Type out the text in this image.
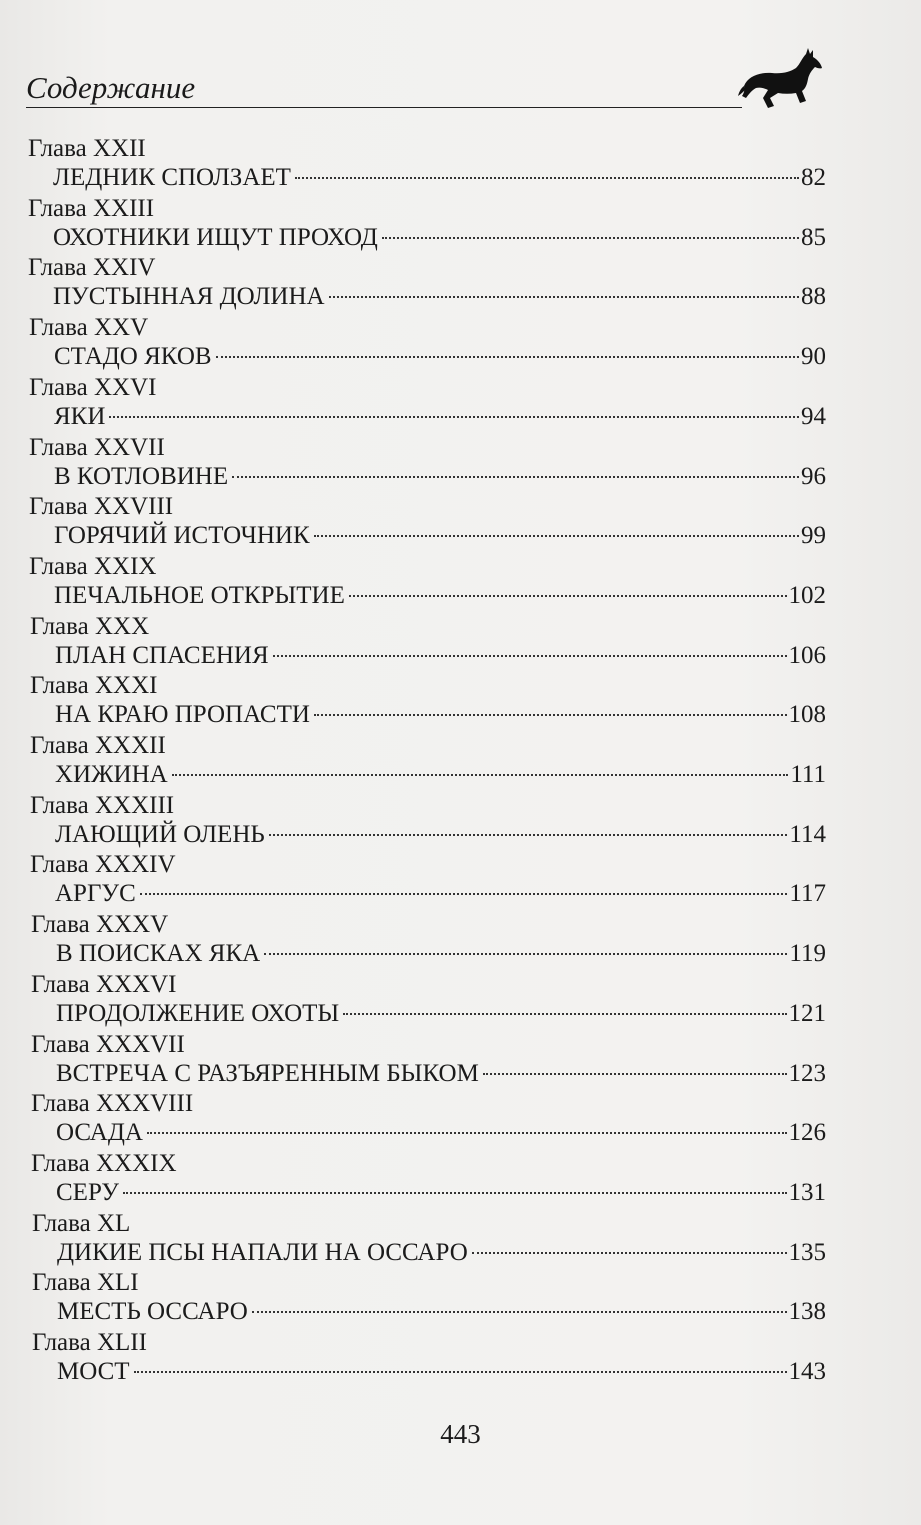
Содержание
Глава XXII
ЛЕДНИК СПОЛЗАЕТ	82
Глава XXIII
ОХОТНИКИ ИЩУТ ПРОХОД	85
Глава XXIV
ПУСТЫННАЯ ДОЛИНА	88
Глава XXV
СТАДО ЯКОВ	90
Глава XXVI
ЯКИ	94
Глава XXVII
В КОТЛОВИНЕ	96
Глава XXVIII
ГОРЯЧИЙ ИСТОЧНИК	99
Глава XXIX
ПЕЧАЛЬНОЕ ОТКРЫТИЕ	102
Глава XXX
ПЛАН СПАСЕНИЯ	106
Глава XXXI
НА КРАЮ ПРОПАСТИ	108
Глава XXXII
ХИЖИНА	111
Глава XXXIII
ЛАЮЩИЙ ОЛЕНЬ	114
Глава XXXIV
АРГУС	117
Глава XXXV
В ПОИСКАХ ЯКА	119
Глава XXXVI
ПРОДОЛЖЕНИЕ ОХОТЫ	121
Глава XXXVII
ВСТРЕЧА С РАЗЪЯРЕННЫМ БЫКОМ	123
Глава XXXVIII
ОСАДА	126
Глава XXXIX
СЕРУ	131
Глава XL
ДИКИЕ ПСЫ НАПАЛИ НА ОССАРО	135
Глава XLI
МЕСТЬ ОССАРО	138
Глава XLII
МОСТ	143
443
